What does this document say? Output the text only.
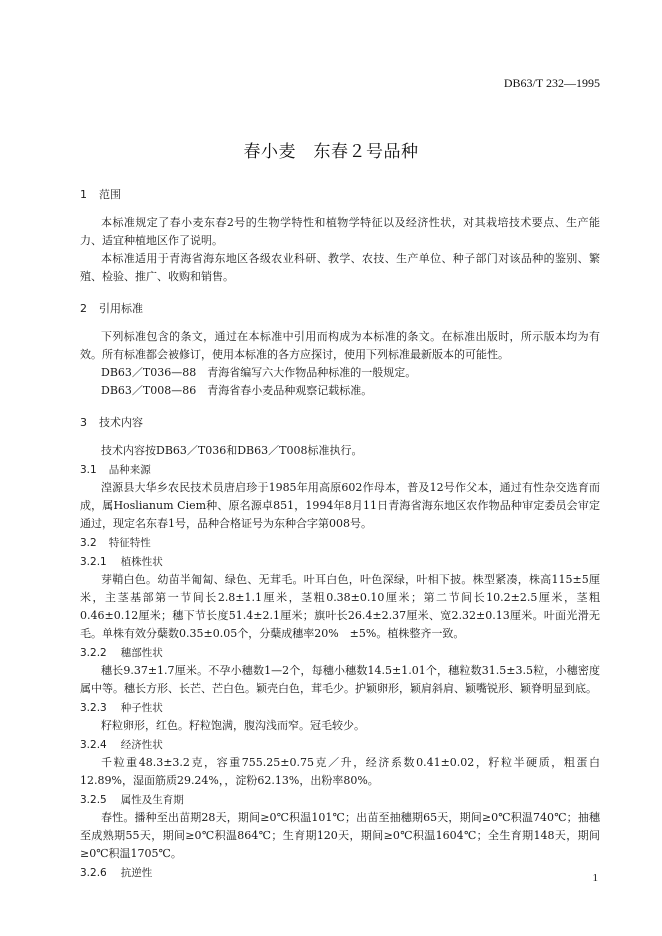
DB63/T 232—1995
春小麦　东春２号品种
1 范围

本标准规定了春小麦东春2号的生物学特性和植物学特征以及经济性状，对其栽培技术要点、生产能力、适宜种植地区作了说明。

本标准适用于青海省海东地区各级农业科研、教学、农技、生产单位、种子部门对该品种的鉴别、繁殖、检验、推广、收购和销售。

2 引用标准

下列标准包含的条文，通过在本标准中引用而构成为本标准的条文。在标准出版时，所示版本均为有效。所有标准都会被修订，使用本标准的各方应探讨，使用下列标准最新版本的可能性。

DB63／T036—88　青海省编写六大作物品种标准的一般规定。

DB63／T008—86　青海省春小麦品种观察记载标准。

3 技术内容

技术内容按DB63／T036和DB63／T008标准执行。

3.1 品种来源

湟源县大华乡农民技术员唐启珍于1985年用高原602作母本，普及12号作父本，通过有性杂交选育而成，属Hoslianum Ciem种、原名源卓851，1994年8月11日青海省海东地区农作物品种审定委员会审定通过，现定名东春1号，品种合格证号为东种合字第008号。

3.2 特征特性
3.2.1 植株性状

芽鞘白色。幼苗半匍匐、绿色、无茸毛。叶耳白色，叶色深绿，叶相下披。株型紧凑，株高115±5厘米，主茎基部第一节间长2.8±1.1厘米，茎粗0.38±0.10厘米；第二节间长10.2±2.5厘米，茎粗0.46±0.12厘米；穗下节长度51.4±2.1厘米；旗叶长26.4±2.37厘米、宽2.32±0.13厘米。叶面光滑无毛。单株有效分蘖数0.35±0.05个，分蘖成穗率20%　±5%。植株整齐一致。

3.2.2 穗部性状

穗长9.37±1.7厘米。不孕小穗数1—2个，每穗小穗数14.5±1.01个，穗粒数31.5±3.5粒，小穗密度属中等。穗长方形、长芒、芒白色。颖壳白色，茸毛少。护颖卵形，颖肩斜肩、颖嘴锐形、颖脊明显到底。

3.2.3 种子性状

籽粒卵形，红色。籽粒饱满，腹沟浅而窄。冠毛较少。

3.2.4 经济性状

千粒重48.3±3.2克，容重755.25±0.75克／升，经济系数0.41±0.02，籽粒半硬质，粗蛋白12.89%，湿面筋质29.24%，，淀粉62.13%，出粉率80%。

3.2.5 属性及生育期

春性。播种至出苗期28天，期间≥0℃积温101℃；出苗至抽穗期65天，期间≥0℃积温740℃；抽穗至成熟期55天，期间≥0℃积温864℃；生育期120天，期间≥0℃积温1604℃；全生育期148天，期间≥0℃积温1705℃。

3.2.6 抗逆性	1
